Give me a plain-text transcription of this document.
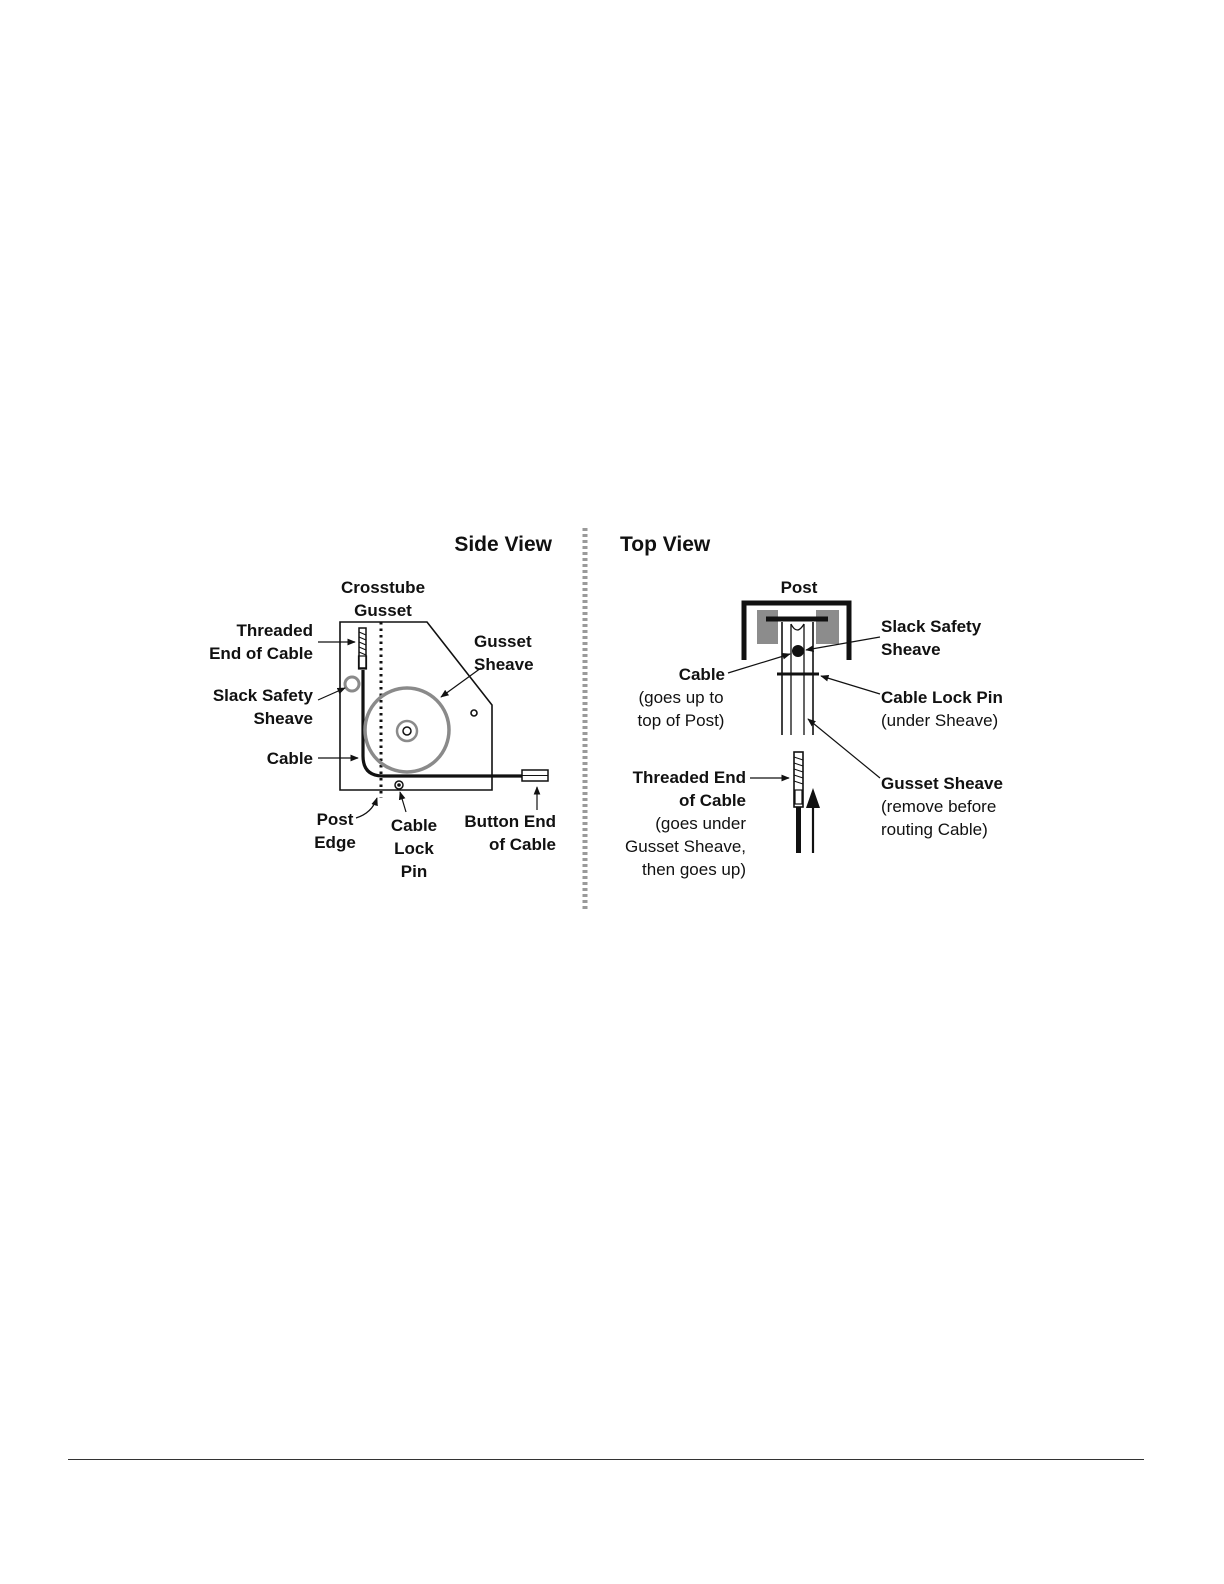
Side View
Crosstube
Gusset
Threaded
End of Cable
Slack Safety
Sheave
Cable
Post
Edge
Cable
Lock
Pin
Button End
of Cable
Gusset
Sheave
Top View
Post
Slack Safety
Sheave
Cable
(goes up to
top of Post)
Cable Lock Pin
(under Sheave)
Threaded End
of Cable
(goes under
Gusset Sheave,
then goes up)
Gusset Sheave
(remove before
routing Cable)
